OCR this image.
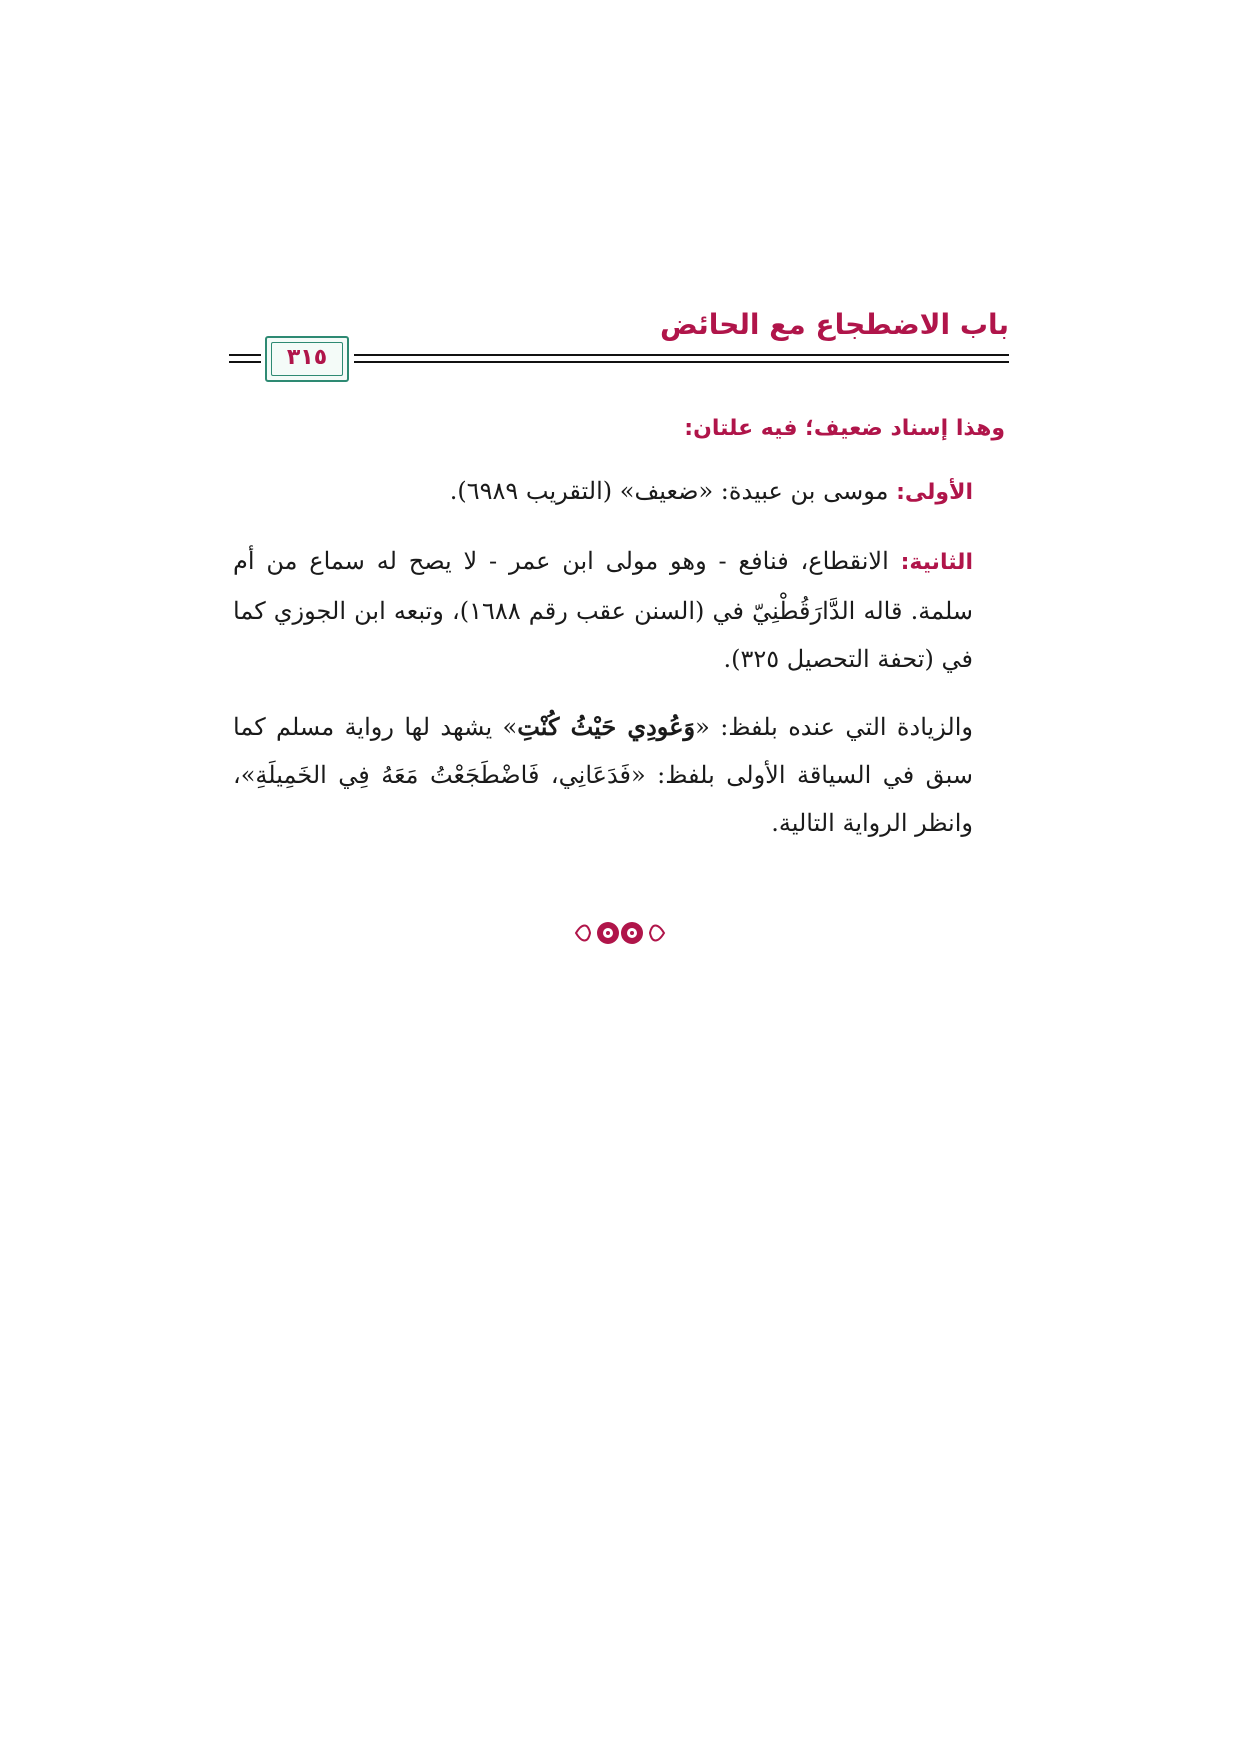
باب الاضطجاع مع الحائض
٣١٥

وهذا إسناد ضعيف؛ فيه علتان:

الأولى: موسى بن عبيدة: «ضعيف» (التقريب ٦٩٨٩).

الثانية: الانقطاع، فنافع - وهو مولى ابن عمر - لا يصح له سماع من أم سلمة. قاله الدَّارَقُطْنِيّ في (السنن عقب رقم ١٦٨٨)، وتبعه ابن الجوزي كما في (تحفة التحصيل ٣٢٥).

والزيادة التي عنده بلفظ: «وَعُودِي حَيْثُ كُنْتِ» يشهد لها رواية مسلم كما سبق في السياقة الأولى بلفظ: «فَدَعَانِي، فَاضْطَجَعْتُ مَعَهُ فِي الخَمِيلَةِ»، وانظر الرواية التالية.
